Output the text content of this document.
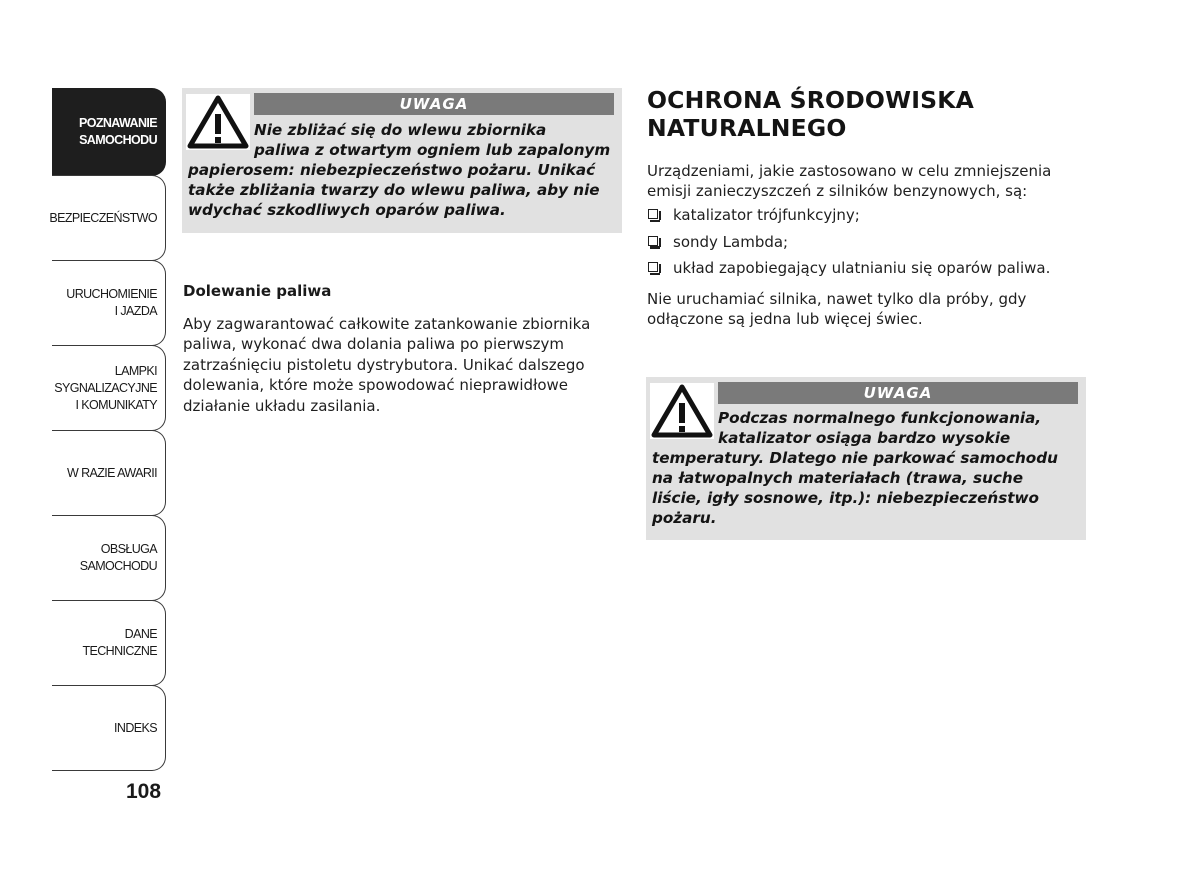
POZNAWANIE
SAMOCHODU
BEZPIECZEŃSTWO
URUCHOMIENIE
I JAZDA
LAMPKI
SYGNALIZACYJNE
I KOMUNIKATY
W RAZIE AWARII
OBSŁUGA
SAMOCHODU
DANE
TECHNICZNE
INDEKS
108
UWAGA
Nie zbliżać się do wlewu zbiornika
paliwa z otwartym ogniem lub zapalonym
papierosem: niebezpieczeństwo pożaru. Unikać
także zbliżania twarzy do wlewu paliwa, aby nie
wdychać szkodliwych oparów paliwa.
Dolewanie paliwa
Aby zagwarantować całkowite zatankowanie zbiornika
paliwa, wykonać dwa dolania paliwa po pierwszym
zatrzaśnięciu pistoletu dystrybutora. Unikać dalszego
dolewania, które może spowodować nieprawidłowe
działanie układu zasilania.
OCHRONA ŚRODOWISKA
NATURALNEGO
Urządzeniami, jakie zastosowano w celu zmniejszenia
emisji zanieczyszczeń z silników benzynowych, są:
katalizator trójfunkcyjny;
sondy Lambda;
układ zapobiegający ulatnianiu się oparów paliwa.
Nie uruchamiać silnika, nawet tylko dla próby, gdy
odłączone są jedna lub więcej świec.
UWAGA
Podczas normalnego funkcjonowania,
katalizator osiąga bardzo wysokie
temperatury. Dlatego nie parkować samochodu
na łatwopalnych materiałach (trawa, suche
liście, igły sosnowe, itp.): niebezpieczeństwo
pożaru.
